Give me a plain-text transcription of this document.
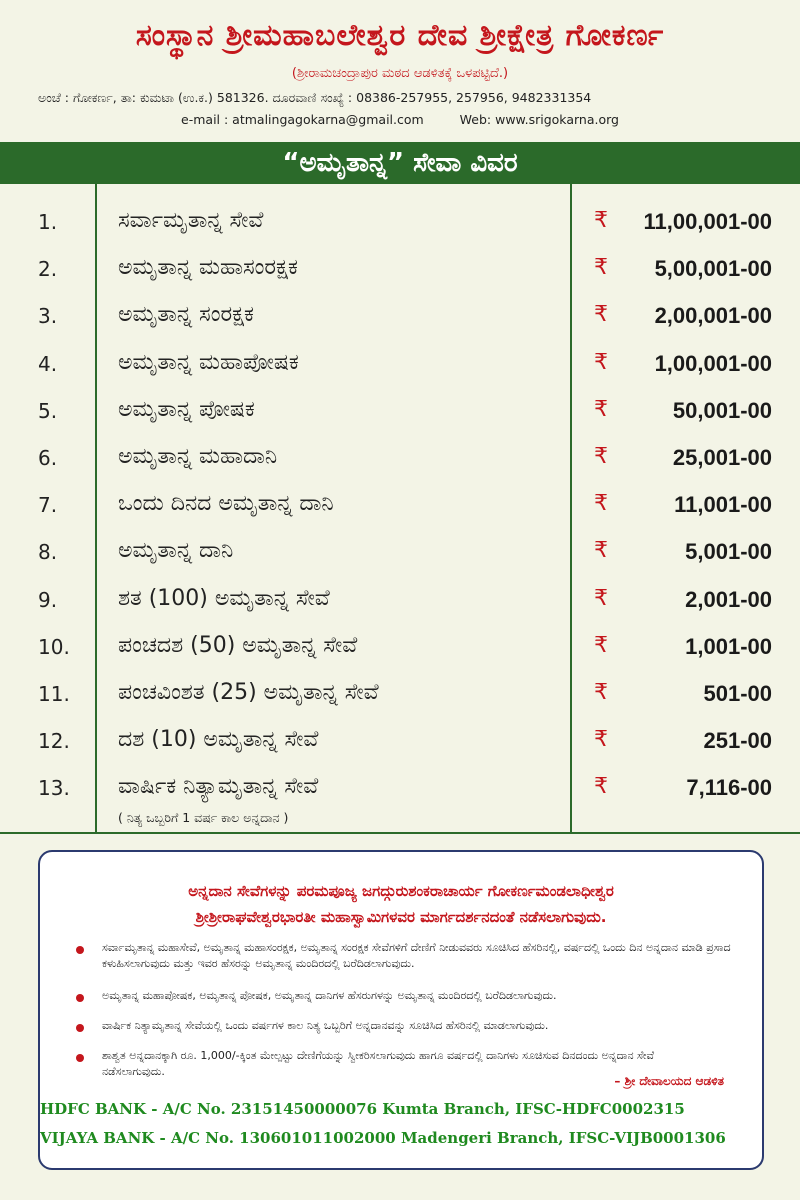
ಸಂಸ್ಥಾನ ಶ್ರೀಮಹಾಬಲೇಶ್ವರ ದೇವ ಶ್ರೀಕ್ಷೇತ್ರ ಗೋಕರ್ಣ
(ಶ್ರೀರಾಮಚಂದ್ರಾಪುರ ಮಠದ ಆಡಳಿತಕ್ಕೆ ಒಳಪಟ್ಟಿದೆ.)
ಅಂಚೆ : ಗೋಕರ್ಣ, ತಾ: ಕುಮಟಾ (ಉ.ಕ.) 581326. ದೂರವಾಣಿ ಸಂಖ್ಯೆ : 08386-257955, 257956, 9482331354
e-mail : atmalingagokarna@gmail.com	Web: www.srigokarna.org
“ಅಮೃತಾನ್ನ” ಸೇವಾ ವಿವರ
1.	ಸರ್ವಾಮೃತಾನ್ನ ಸೇವೆ	₹ 11,00,001-00
2.	ಅಮೃತಾನ್ನ ಮಹಾಸಂರಕ್ಷಕ	₹ 5,00,001-00
3.	ಅಮೃತಾನ್ನ ಸಂರಕ್ಷಕ	₹ 2,00,001-00
4.	ಅಮೃತಾನ್ನ ಮಹಾಪೋಷಕ	₹ 1,00,001-00
5.	ಅಮೃತಾನ್ನ ಪೋಷಕ	₹	50,001-00
6.	ಅಮೃತಾನ್ನ ಮಹಾದಾನಿ	₹	25,001-00
7.	ಒಂದು ದಿನದ ಅಮೃತಾನ್ನ ದಾನಿ	₹	11,001-00
8.	ಅಮೃತಾನ್ನ ದಾನಿ	₹	5,001-00
9.	ಶತ (100) ಅಮೃತಾನ್ನ ಸೇವೆ	₹	2,001-00
10.	ಪಂಚದಶ (50) ಅಮೃತಾನ್ನ ಸೇವೆ	₹	1,001-00
11.	ಪಂಚವಿಂಶತ (25) ಅಮೃತಾನ್ನ ಸೇವೆ	₹	501-00
12.	ದಶ (10) ಅಮೃತಾನ್ನ ಸೇವೆ	₹	251-00
13.	ವಾರ್ಷಿಕ ನಿತ್ಯಾಮೃತಾನ್ನ ಸೇವೆ	₹	7,116-00
( ನಿತ್ಯ ಒಬ್ಬರಿಗೆ 1 ವರ್ಷ ಕಾಲ ಅನ್ನದಾನ )
ಅನ್ನದಾನ ಸೇವೆಗಳನ್ನು ಪರಮಪೂಜ್ಯ ಜಗದ್ಗುರುಶಂಕರಾಚಾರ್ಯ ಗೋಕರ್ಣಮಂಡಲಾಧೀಶ್ವರ
ಶ್ರೀಶ್ರೀರಾಘವೇಶ್ವರಭಾರತೀ ಮಹಾಸ್ವಾಮಿಗಳವರ ಮಾರ್ಗದರ್ಶನದಂತೆ ನಡೆಸಲಾಗುವುದು.
ಸರ್ವಾಮೃತಾನ್ನ ಮಹಾಸೇವೆ, ಅಮೃತಾನ್ನ ಮಹಾಸಂರಕ್ಷಕ, ಅಮೃತಾನ್ನ ಸಂರಕ್ಷಕ ಸೇವೆಗಳಿಗೆ ದೇಣಿಗೆ ನೀಡುವವರು ಸೂಚಿಸಿದ ಹೆಸರಿನಲ್ಲಿ, ವರ್ಷದಲ್ಲಿ ಒಂದು ದಿನ ಅನ್ನದಾನ ಮಾಡಿ ಪ್ರಸಾದ ಕಳುಹಿಸಲಾಗುವುದು ಮತ್ತು ಇವರ ಹೆಸರನ್ನು ಅಮೃತಾನ್ನ ಮಂದಿರದಲ್ಲಿ ಬರೆದಿಡಲಾಗುವುದು.
ಅಮೃತಾನ್ನ ಮಹಾಪೋಷಕ, ಅಮೃತಾನ್ನ ಪೋಷಕ, ಅಮೃತಾನ್ನ ದಾನಿಗಳ ಹೆಸರುಗಳನ್ನು ಅಮೃತಾನ್ನ ಮಂದಿರದಲ್ಲಿ ಬರೆದಿಡಲಾಗುವುದು.
ವಾರ್ಷಿಕ ನಿತ್ಯಾಮೃತಾನ್ನ ಸೇವೆಯಲ್ಲಿ ಒಂದು ವರ್ಷಗಳ ಕಾಲ ನಿತ್ಯ ಒಬ್ಬರಿಗೆ ಅನ್ನದಾನವನ್ನು ಸೂಚಿಸಿದ ಹೆಸರಿನಲ್ಲಿ ಮಾಡಲಾಗುವುದು.
ಶಾಶ್ವತ ಅನ್ನದಾನಕ್ಕಾಗಿ ರೂ. 1,000/-ಕ್ಕಿಂತ ಮೇಲ್ಪಟ್ಟು ದೇಣಿಗೆಯನ್ನು ಸ್ವೀಕರಿಸಲಾಗುವುದು ಹಾಗೂ ವರ್ಷದಲ್ಲಿ ದಾನಿಗಳು ಸೂಚಿಸುವ ದಿನದಂದು ಅನ್ನದಾನ ಸೇವೆ ನಡೆಸಲಾಗುವುದು.
– ಶ್ರೀ ದೇವಾಲಯದ ಆಡಳಿತ
HDFC BANK - A/C No. 23151450000076 Kumta Branch, IFSC-HDFC0002315
VIJAYA BANK - A/C No. 130601011002000 Madengeri Branch, IFSC-VIJB0001306
